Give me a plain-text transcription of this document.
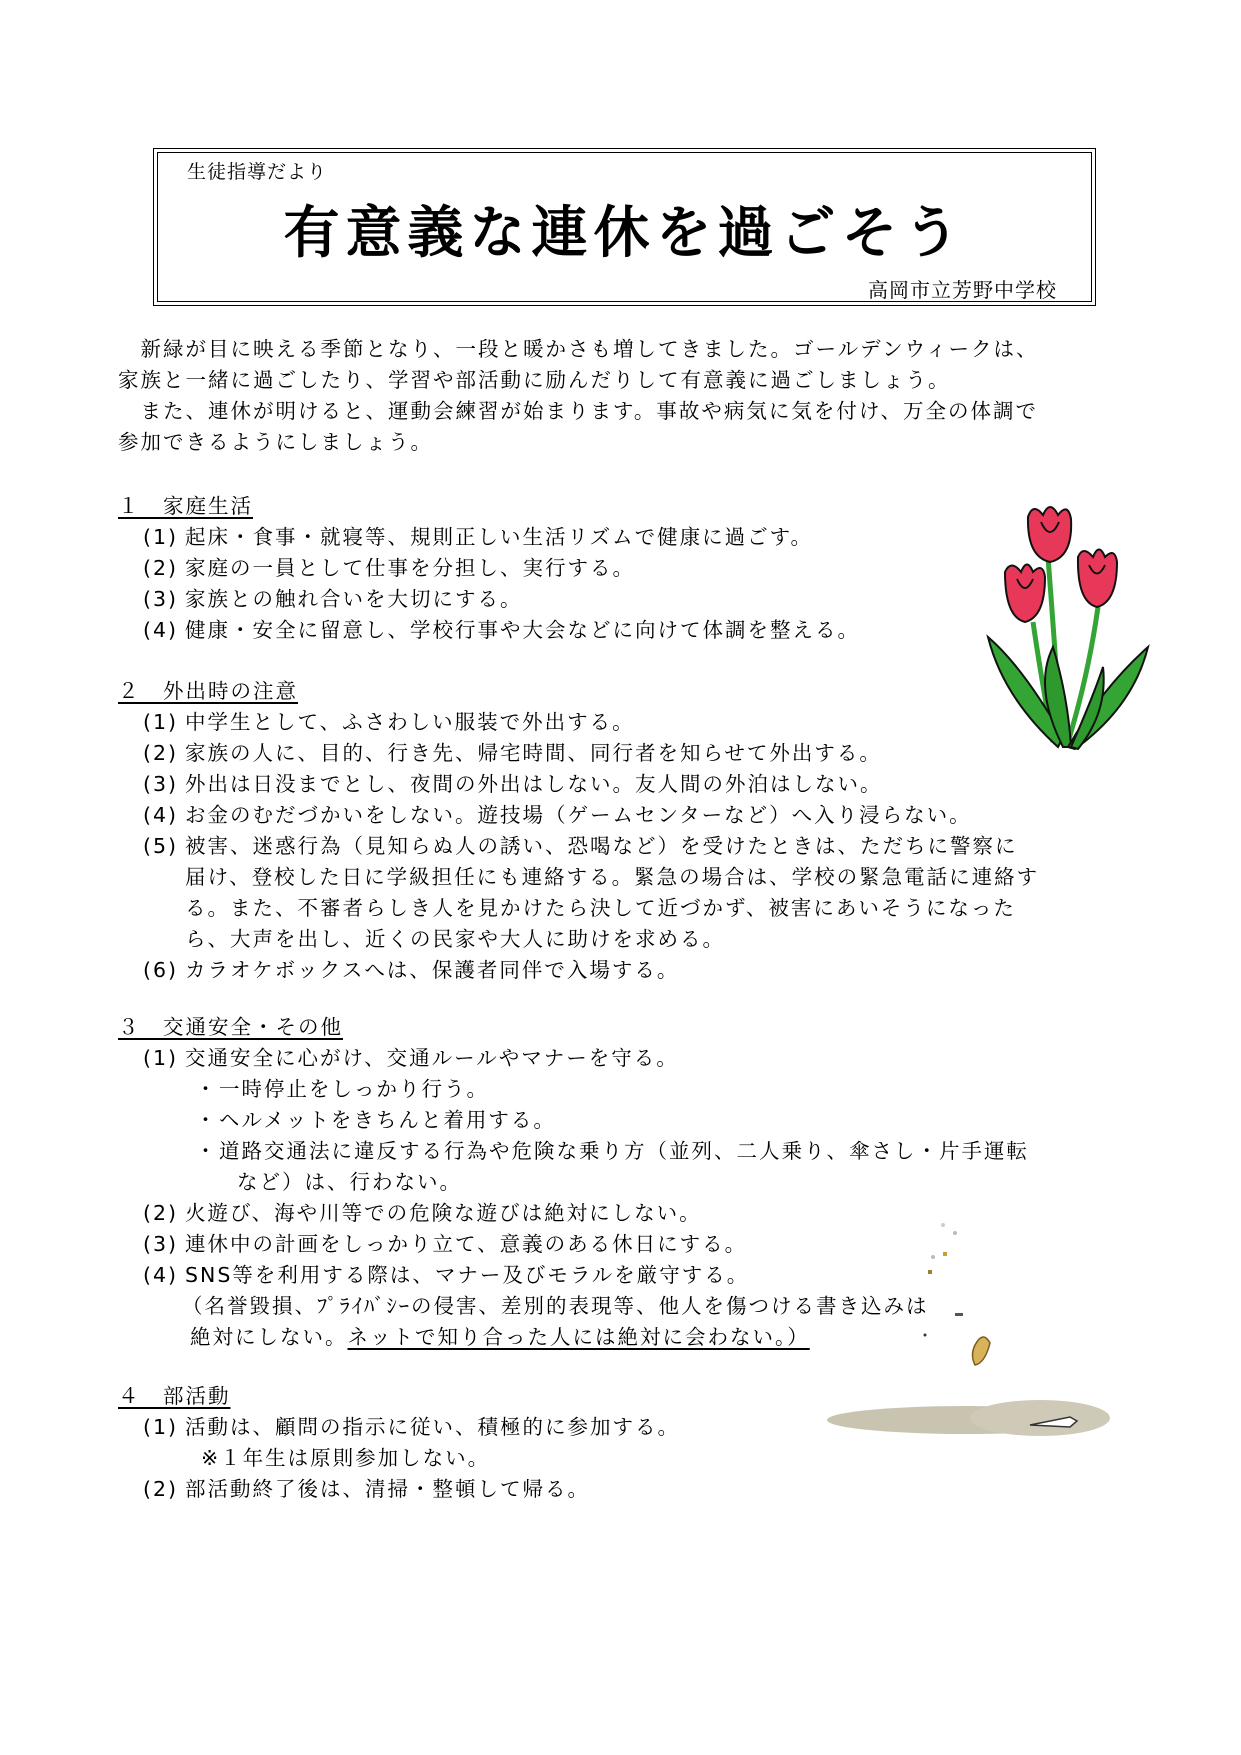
生徒指導だより
有意義な連休を過ごそう
高岡市立芳野中学校
　新緑が目に映える季節となり、一段と暖かさも増してきました。ゴールデンウィークは、
家族と一緒に過ごしたり、学習や部活動に励んだりして有意義に過ごしましょう。
　また、連休が明けると、運動会練習が始まります。事故や病気に気を付け、万全の体調で
参加できるようにしましょう。
１　家庭生活
(1) 起床・食事・就寝等、規則正しい生活リズムで健康に過ごす。
(2) 家庭の一員として仕事を分担し、実行する。
(3) 家族との触れ合いを大切にする。
(4) 健康・安全に留意し、学校行事や大会などに向けて体調を整える。
２　外出時の注意
(1) 中学生として、ふさわしい服装で外出する。
(2) 家族の人に、目的、行き先、帰宅時間、同行者を知らせて外出する。
(3) 外出は日没までとし、夜間の外出はしない。友人間の外泊はしない。
(4) お金のむだづかいをしない。遊技場（ゲームセンターなど）へ入り浸らない。
(5) 被害、迷惑行為（見知らぬ人の誘い、恐喝など）を受けたときは、ただちに警察に
届け、登校した日に学級担任にも連絡する。緊急の場合は、学校の緊急電話に連絡す
る。また、不審者らしき人を見かけたら決して近づかず、被害にあいそうになった
ら、大声を出し、近くの民家や大人に助けを求める。
(6) カラオケボックスへは、保護者同伴で入場する。
３　交通安全・その他
(1) 交通安全に心がけ、交通ルールやマナーを守る。
・ 一時停止をしっかり行う。
・ ヘルメットをきちんと着用する。
・ 道路交通法に違反する行為や危険な乗り方（並列、二人乗り、傘さし・片手運転
など）は、行わない。
(2) 火遊び、海や川等での危険な遊びは絶対にしない。
(3) 連休中の計画をしっかり立て、意義のある休日にする。
(4) SNS等を利用する際は、マナー及びモラルを厳守する。
（名誉毀損、ﾌﾟﾗｲﾊﾞｼｰの侵害、差別的表現等、他人を傷つける書き込みは
絶対にしない。ネットで知り合った人には絶対に会わない。）
４　部活動
(1) 活動は、顧問の指示に従い、積極的に参加する。
※１年生は原則参加しない。
(2) 部活動終了後は、清掃・整頓して帰る。
